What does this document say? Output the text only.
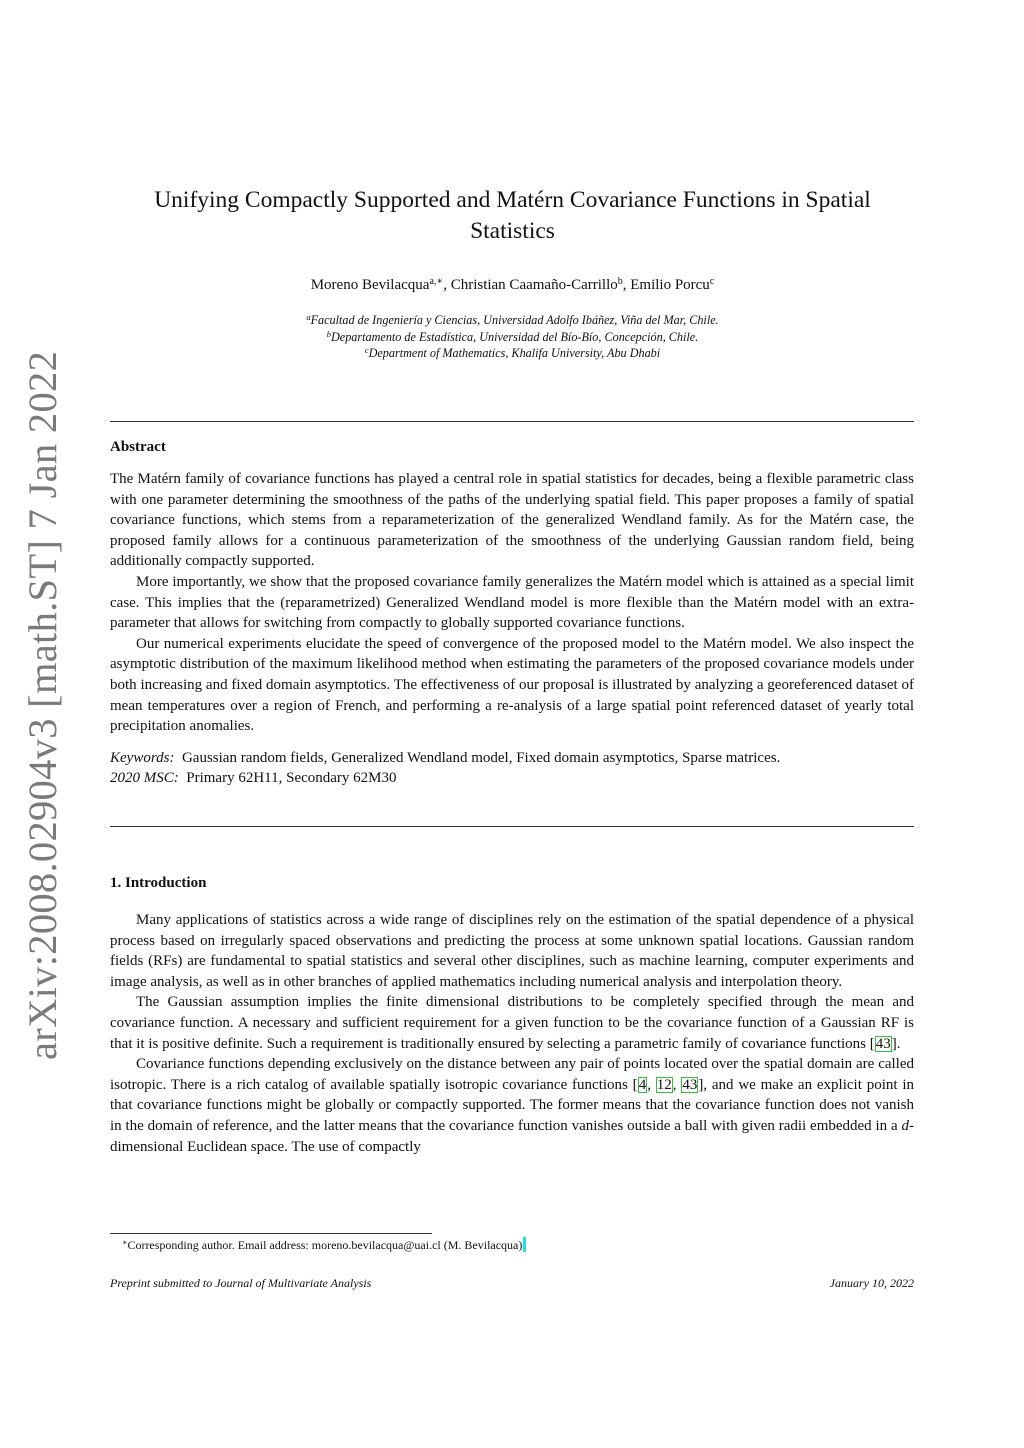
arXiv:2008.02904v3 [math.ST] 7 Jan 2022
Unifying Compactly Supported and Matérn Covariance Functions in Spatial Statistics
Moreno Bevilacqua$^{a,∗}$, Christian Caamaño-Carrillo$^b$, Emilio Porcu$^c$
$^a$Facultad de Ingeniería y Ciencias, Universidad Adolfo Ibáñez, Viña del Mar, Chile.
$^b$Departamento de Estadística, Universidad del Bío-Bío, Concepción, Chile.
$^c$Department of Mathematics, Khalifa University, Abu Dhabi
Abstract

The Matérn family of covariance functions has played a central role in spatial statistics for decades, being a flexible parametric class with one parameter determining the smoothness of the paths of the underlying spatial field. This paper proposes a family of spatial covariance functions, which stems from a reparameterization of the generalized Wendland family. As for the Matérn case, the proposed family allows for a continuous parameterization of the smoothness of the underlying Gaussian random field, being additionally compactly supported.

More importantly, we show that the proposed covariance family generalizes the Matérn model which is attained as a special limit case. This implies that the (reparametrized) Generalized Wendland model is more flexible than the Matérn model with an extra-parameter that allows for switching from compactly to globally supported covariance functions.

Our numerical experiments elucidate the speed of convergence of the proposed model to the Matérn model. We also inspect the asymptotic distribution of the maximum likelihood method when estimating the parameters of the proposed covariance models under both increasing and fixed domain asymptotics. The effectiveness of our proposal is illustrated by analyzing a georeferenced dataset of mean temperatures over a region of French, and performing a re-analysis of a large spatial point referenced dataset of yearly total precipitation anomalies.

Keywords: Gaussian random fields, Generalized Wendland model, Fixed domain asymptotics, Sparse matrices.

2020 MSC: Primary 62H11, Secondary 62M30

1. Introduction

Many applications of statistics across a wide range of disciplines rely on the estimation of the spatial dependence of a physical process based on irregularly spaced observations and predicting the process at some unknown spatial locations. Gaussian random fields (RFs) are fundamental to spatial statistics and several other disciplines, such as machine learning, computer experiments and image analysis, as well as in other branches of applied mathematics including numerical analysis and interpolation theory.

The Gaussian assumption implies the finite dimensional distributions to be completely specified through the mean and covariance function. A necessary and sufficient requirement for a given function to be the covariance function of a Gaussian RF is that it is positive definite. Such a requirement is traditionally ensured by selecting a parametric family of covariance functions [43].

Covariance functions depending exclusively on the distance between any pair of points located over the spatial domain are called isotropic. There is a rich catalog of available spatially isotropic covariance functions [4, 12, 43], and we make an explicit point in that covariance functions might be globally or compactly supported. The former means that the covariance function does not vanish in the domain of reference, and the latter means that the covariance function vanishes outside a ball with given radii embedded in a d-dimensional Euclidean space. The use of compactly

∗Corresponding author. Email address: moreno.bevilacqua@uai.cl (M. Bevilacqua)
Preprint submitted to Journal of Multivariate Analysis	January 10, 2022
